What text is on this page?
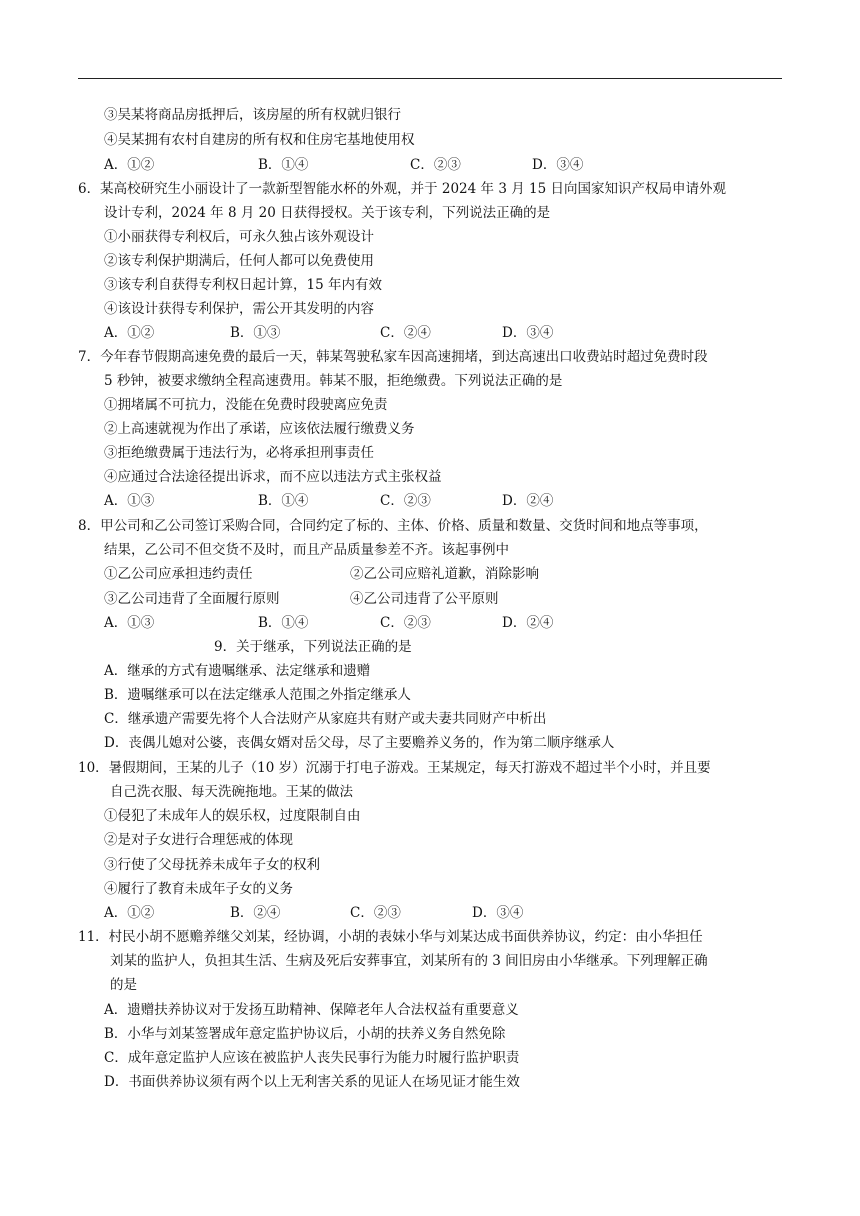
③吴某将商品房抵押后，该房屋的所有权就归银行
④吴某拥有农村自建房的所有权和住房宅基地使用权
A．①②	B．①④	C．②③	D．③④
6．某高校研究生小丽设计了一款新型智能水杯的外观，并于 2024 年 3 月 15 日向国家知识产权局申请外观
设计专利，2024 年 8 月 20 日获得授权。关于该专利，下列说法正确的是
①小丽获得专利权后，可永久独占该外观设计
②该专利保护期满后，任何人都可以免费使用
③该专利自获得专利权日起计算，15 年内有效
④该设计获得专利保护，需公开其发明的内容
A．①②	B．①③	C．②④	D．③④
7．今年春节假期高速免费的最后一天，韩某驾驶私家车因高速拥堵，到达高速出口收费站时超过免费时段
5 秒钟，被要求缴纳全程高速费用。韩某不服，拒绝缴费。下列说法正确的是
①拥堵属不可抗力，没能在免费时段驶离应免责
②上高速就视为作出了承诺，应该依法履行缴费义务
③拒绝缴费属于违法行为，必将承担刑事责任
④应通过合法途径提出诉求，而不应以违法方式主张权益
A．①③	B．①④	C．②③	D．②④
8．甲公司和乙公司签订采购合同，合同约定了标的、主体、价格、质量和数量、交货时间和地点等事项，
结果，乙公司不但交货不及时，而且产品质量参差不齐。该起事例中
①乙公司应承担违约责任	②乙公司应赔礼道歉，消除影响
③乙公司违背了全面履行原则	④乙公司违背了公平原则
A．①③	B．①④	C．②③	D．②④
9．关于继承，下列说法正确的是
A．继承的方式有遗嘱继承、法定继承和遗赠
B．遗嘱继承可以在法定继承人范围之外指定继承人
C．继承遗产需要先将个人合法财产从家庭共有财产或夫妻共同财产中析出
D．丧偶儿媳对公婆，丧偶女婿对岳父母，尽了主要赡养义务的，作为第二顺序继承人
10．暑假期间，王某的儿子（10 岁）沉溺于打电子游戏。王某规定，每天打游戏不超过半个小时，并且要
自己洗衣服、每天洗碗拖地。王某的做法
①侵犯了未成年人的娱乐权，过度限制自由
②是对子女进行合理惩戒的体现
③行使了父母抚养未成年子女的权利
④履行了教育未成年子女的义务
A．①②	B．②④	C．②③	D．③④
11．村民小胡不愿赡养继父刘某，经协调，小胡的表妹小华与刘某达成书面供养协议，约定：由小华担任
刘某的监护人，负担其生活、生病及死后安葬事宜，刘某所有的 3 间旧房由小华继承。下列理解正确
的是
A．遗赠扶养协议对于发扬互助精神、保障老年人合法权益有重要意义
B．小华与刘某签署成年意定监护协议后，小胡的扶养义务自然免除
C．成年意定监护人应该在被监护人丧失民事行为能力时履行监护职责
D．书面供养协议须有两个以上无利害关系的见证人在场见证才能生效
